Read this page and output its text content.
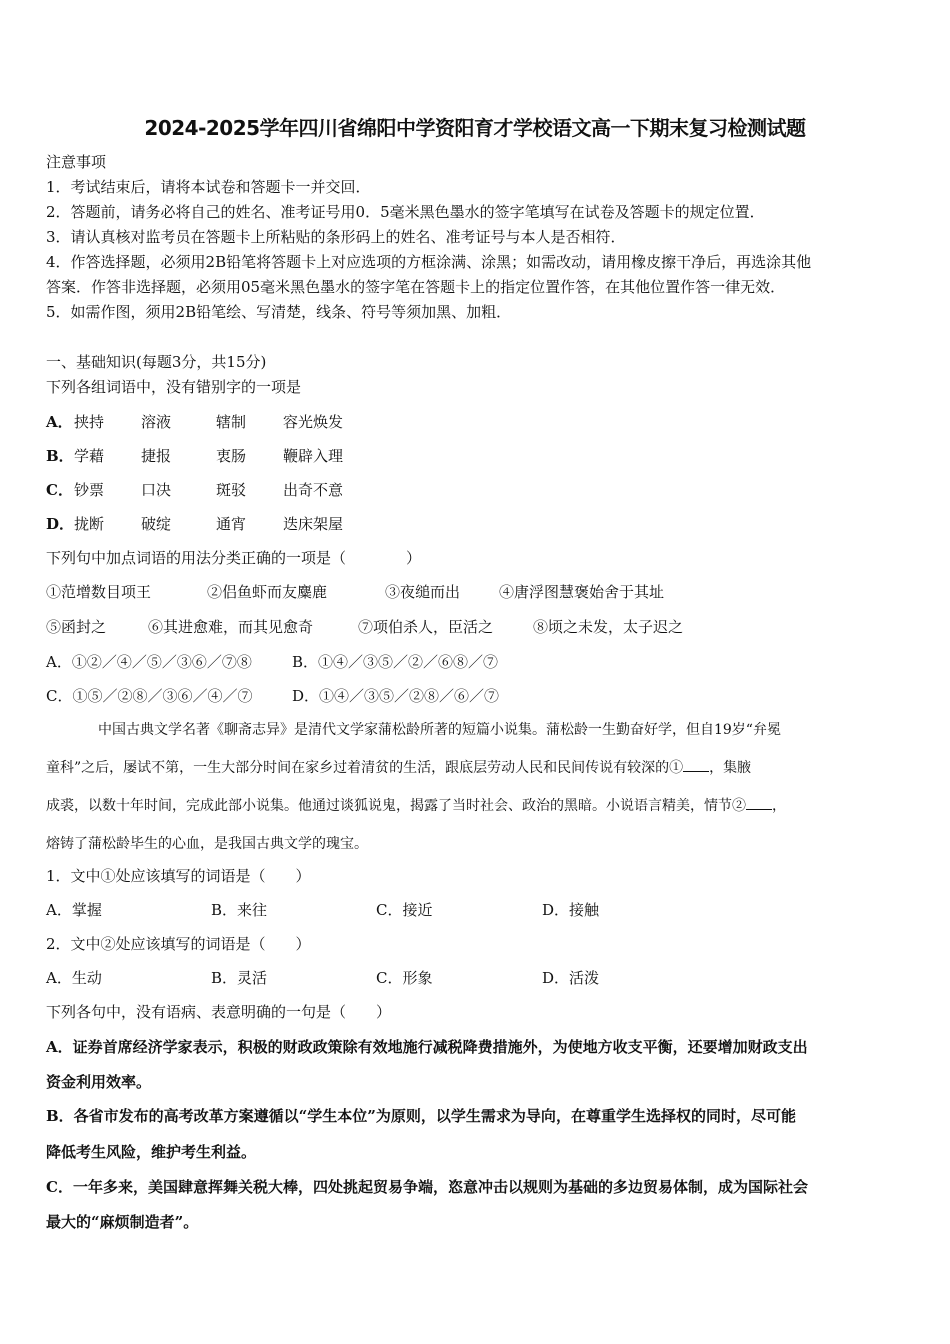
2024-2025学年四川省绵阳中学资阳育才学校语文高一下期末复习检测试题
注意事项
1．考试结束后，请将本试卷和答题卡一并交回．
2．答题前，请务必将自己的姓名、准考证号用0．5毫米黑色墨水的签字笔填写在试卷及答题卡的规定位置．
3．请认真核对监考员在答题卡上所粘贴的条形码上的姓名、准考证号与本人是否相符．
4．作答选择题，必须用2B铅笔将答题卡上对应选项的方框涂满、涂黑；如需改动，请用橡皮擦干净后，再选涂其他
答案．作答非选择题，必须用05毫米黑色墨水的签字笔在答题卡上的指定位置作答，在其他位置作答一律无效．
5．如需作图，须用2B铅笔绘、写清楚，线条、符号等须加黑、加粗．
一、基础知识(每题3分，共15分)
下列各组词语中，没有错别字的一项是
A． 挟持 溶液	辖制 容光焕发
B． 学藉 捷报	衷肠 鞭辟入理
C． 钞票 口决	斑驳 出奇不意
D． 拢断 破绽	通宵 迭床架屋
下列句中加点词语的用法分类正确的一项是（　　　　）
①范增数目项王	②侣鱼虾而友麋鹿	③夜缒而出	④唐浮图慧褒始舍于其址
⑤函封之	⑥其进愈难，而其见愈奇	⑦项伯杀人，臣活之	⑧顷之未发，太子迟之
A．①②／④／⑤／③⑥／⑦⑧	B．①④／③⑤／②／⑥⑧／⑦
C．①⑤／②⑧／③⑥／④／⑦	D．①④／③⑤／②⑧／⑥／⑦
中国古典文学名著《聊斋志异》是清代文学家蒲松龄所著的短篇小说集。蒲松龄一生勤奋好学，但自19岁“弁冕
童科”之后，屡试不第，一生大部分时间在家乡过着清贫的生活，跟底层劳动人民和民间传说有较深的① ，集腋
成裘，以数十年时间，完成此部小说集。他通过谈狐说鬼，揭露了当时社会、政治的黑暗。小说语言精美，情节② ，
熔铸了蒲松龄毕生的心血，是我国古典文学的瑰宝。
1．文中①处应该填写的词语是（　　）
A．掌握	B．来往	C．接近	D．接触
2．文中②处应该填写的词语是（　　）
A．生动	B．灵活	C．形象	D．活泼
下列各句中，没有语病、表意明确的一句是（　　）
A．证券首席经济学家表示，积极的财政政策除有效地施行减税降费措施外，为使地方收支平衡，还要增加财政支出
资金利用效率。
B．各省市发布的高考改革方案遵循以“学生本位”为原则，以学生需求为导向，在尊重学生选择权的同时，尽可能
降低考生风险，维护考生利益。
C．一年多来，美国肆意挥舞关税大棒，四处挑起贸易争端，恣意冲击以规则为基础的多边贸易体制，成为国际社会
最大的“麻烦制造者”。
